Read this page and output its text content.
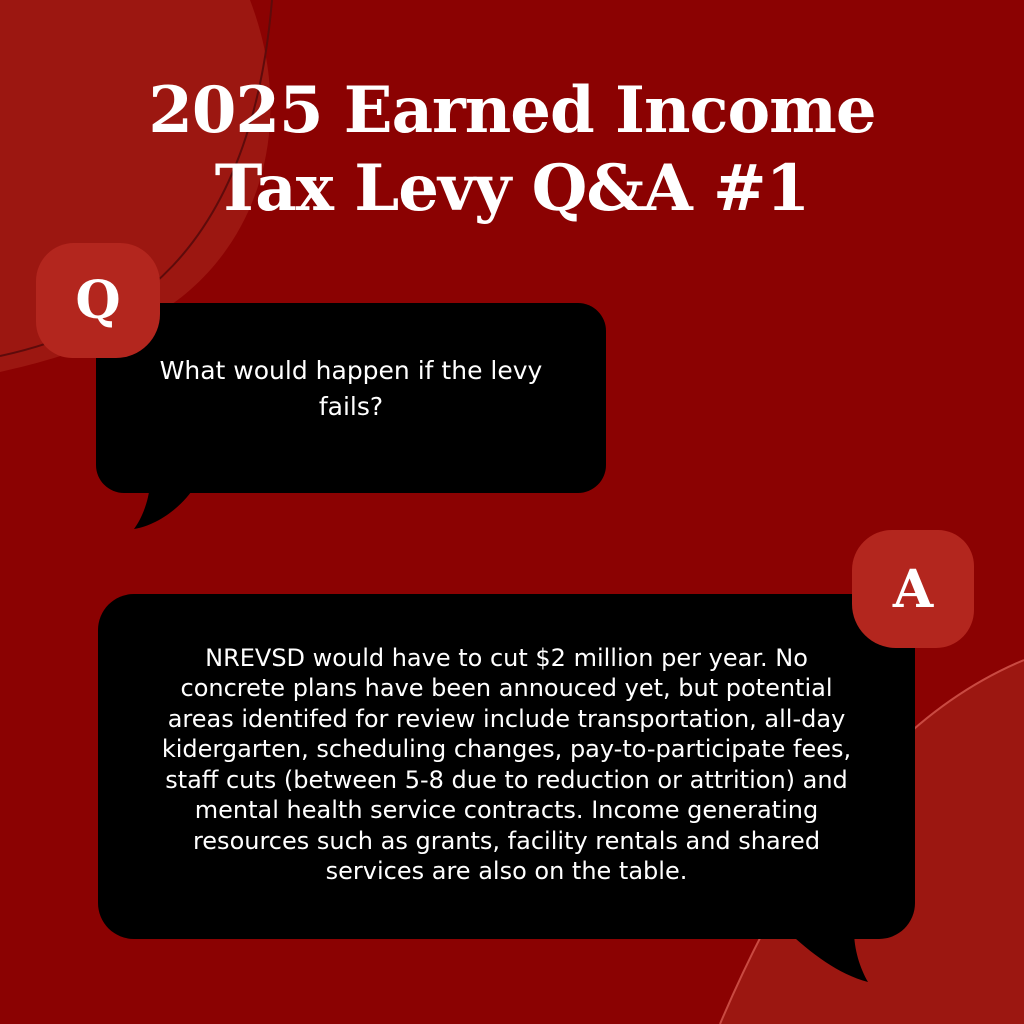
2025 Earned Income
Tax Levy Q&A #1
What would happen if the levy fails?
Q
NREVSD would have to cut $2 million per year. No concrete plans have been annouced yet, but potential areas identifed for review include transportation, all-day kidergarten, scheduling changes, pay-to-participate fees, staff cuts (between 5-8 due to reduction or attrition) and mental health service contracts. Income generating resources such as grants, facility rentals and shared services are also on the table.
A
